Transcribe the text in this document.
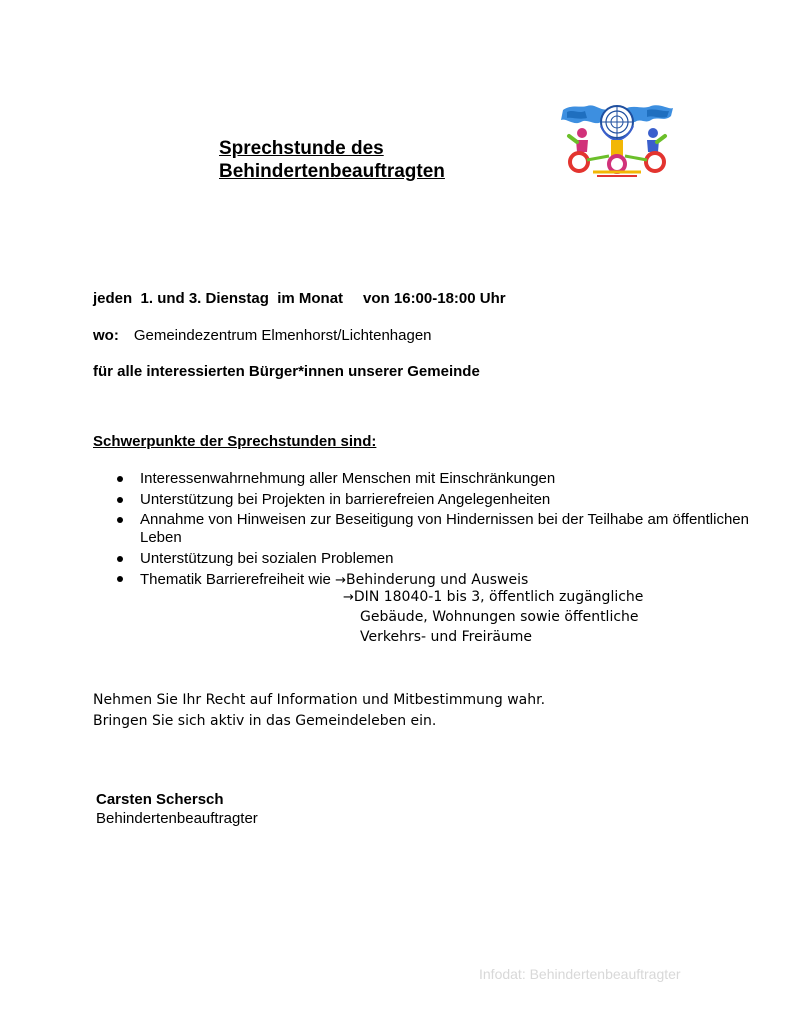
Sprechstunde des
Behindertenbeauftragten
jeden  1. und 3. Dienstag  im Monat von 16:00-18:00 Uhr
wo: Gemeindezentrum Elmenhorst/Lichtenhagen
für alle interessierten Bürger*innen unserer Gemeinde
Schwerpunkte der Sprechstunden sind:
Interessenwahrnehmung aller Menschen mit Einschränkungen
Unterstützung bei Projekten in barrierefreien Angelegenheiten
Annahme von Hinweisen zur Beseitigung von Hindernissen bei der Teilhabe am öffentlichen Leben
Unterstützung bei sozialen Problemen
Thematik Barrierefreiheit wie →Behinderung und Ausweis
→DIN 18040-1 bis 3, öffentlich zugängliche
Gebäude, Wohnungen sowie öffentliche
Verkehrs- und Freiräume
Nehmen Sie Ihr Recht auf Information und Mitbestimmung wahr.
Bringen Sie sich aktiv in das Gemeindeleben ein.
Carsten Schersch
Behindertenbeauftragter
Infodat: Behindertenbeauftragter
